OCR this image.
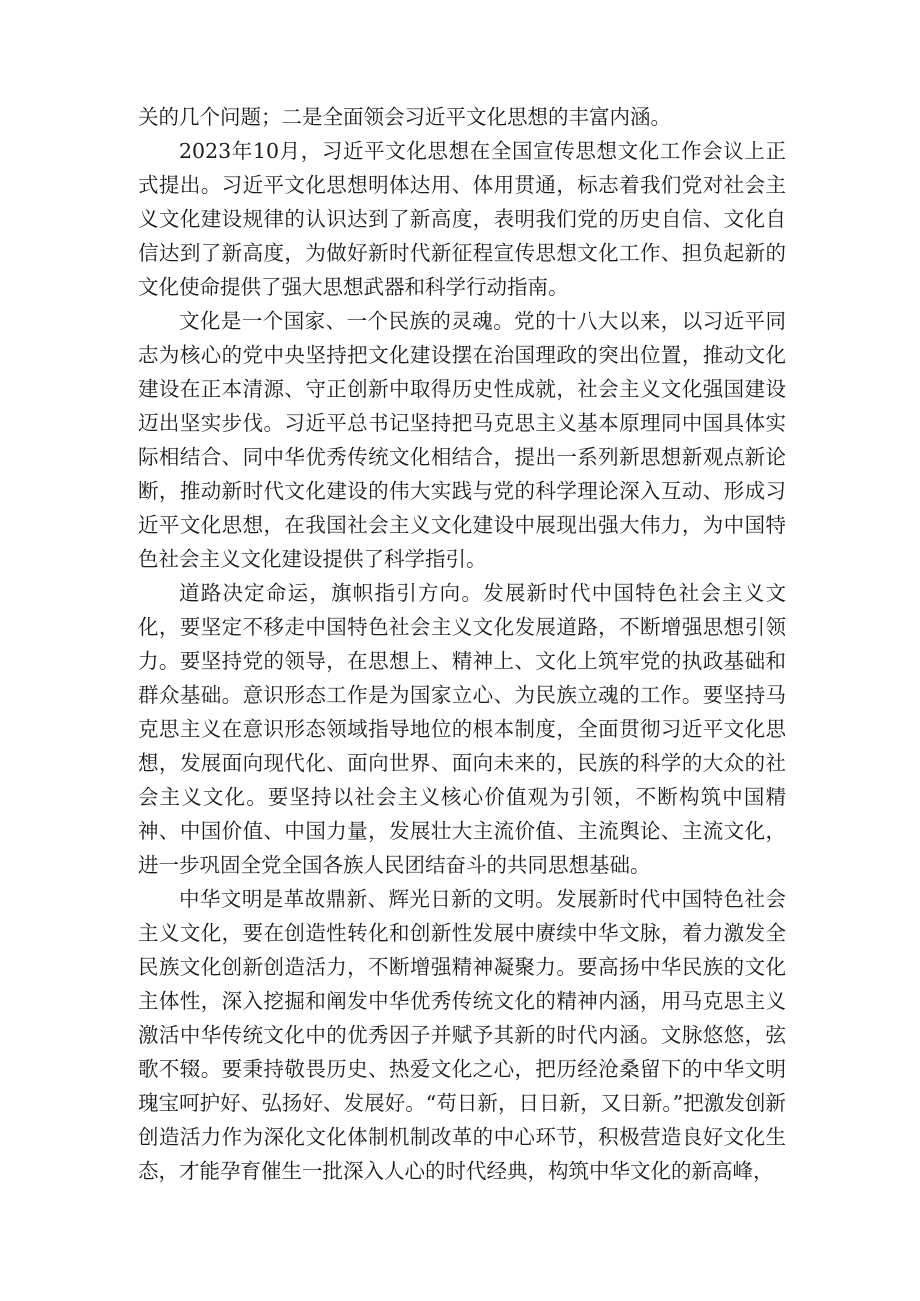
关的几个问题；二是全面领会习近平文化思想的丰富内涵。

2023年10月，习近平文化思想在全国宣传思想文化工作会议上正式提出。习近平文化思想明体达用、体用贯通，标志着我们党对社会主义文化建设规律的认识达到了新高度，表明我们党的历史自信、文化自信达到了新高度，为做好新时代新征程宣传思想文化工作、担负起新的文化使命提供了强大思想武器和科学行动指南。

文化是一个国家、一个民族的灵魂。党的十八大以来，以习近平同志为核心的党中央坚持把文化建设摆在治国理政的突出位置，推动文化建设在正本清源、守正创新中取得历史性成就，社会主义文化强国建设迈出坚实步伐。习近平总书记坚持把马克思主义基本原理同中国具体实际相结合、同中华优秀传统文化相结合，提出一系列新思想新观点新论断，推动新时代文化建设的伟大实践与党的科学理论深入互动、形成习近平文化思想，在我国社会主义文化建设中展现出强大伟力，为中国特色社会主义文化建设提供了科学指引。

道路决定命运，旗帜指引方向。发展新时代中国特色社会主义文化，要坚定不移走中国特色社会主义文化发展道路，不断增强思想引领力。要坚持党的领导，在思想上、精神上、文化上筑牢党的执政基础和群众基础。意识形态工作是为国家立心、为民族立魂的工作。要坚持马克思主义在意识形态领域指导地位的根本制度，全面贯彻习近平文化思想，发展面向现代化、面向世界、面向未来的，民族的科学的大众的社会主义文化。要坚持以社会主义核心价值观为引领，不断构筑中国精神、中国价值、中国力量，发展壮大主流价值、主流舆论、主流文化，进一步巩固全党全国各族人民团结奋斗的共同思想基础。

中华文明是革故鼎新、辉光日新的文明。发展新时代中国特色社会主义文化，要在创造性转化和创新性发展中赓续中华文脉，着力激发全民族文化创新创造活力，不断增强精神凝聚力。要高扬中华民族的文化主体性，深入挖掘和阐发中华优秀传统文化的精神内涵，用马克思主义激活中华传统文化中的优秀因子并赋予其新的时代内涵。文脉悠悠，弦歌不辍。要秉持敬畏历史、热爱文化之心，把历经沧桑留下的中华文明瑰宝呵护好、弘扬好、发展好。“苟日新，日日新，又日新。”把激发创新创造活力作为深化文化体制机制改革的中心环节，积极营造良好文化生态，才能孕育催生一批深入人心的时代经典，构筑中华文化的新高峰，
